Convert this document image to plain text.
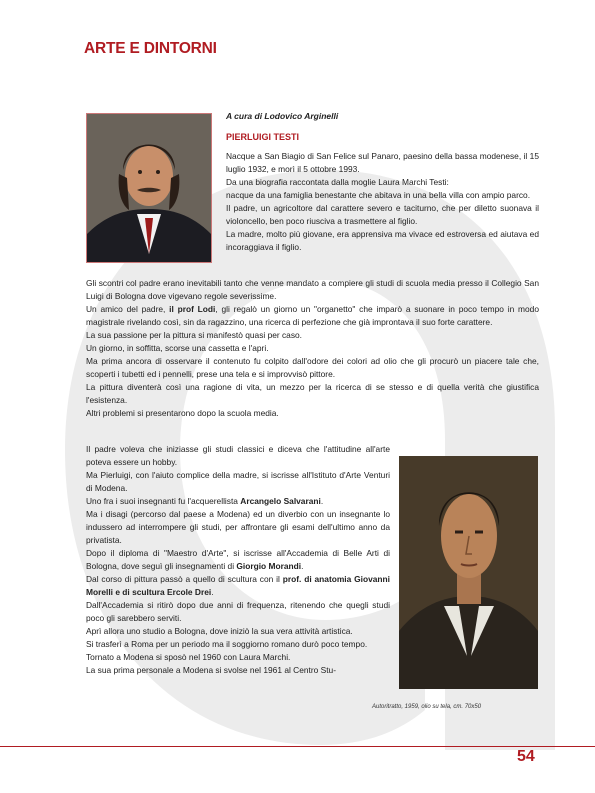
ARTE E DINTORNI
A cura di Lodovico Arginelli
PIERLUIGI TESTI

Nacque a San Biagio di San Felice sul Panaro, paesino della bassa modenese, il 15 luglio 1932, e morì il 5 ottobre 1993.

Da una biografia raccontata dalla moglie Laura Marchi Testi:

nacque da una famiglia benestante che abitava in una bella villa con ampio parco.

Il padre, un agricoltore dal carattere severo e taciturno, che per diletto suonava il violoncello, ben poco riusciva a trasmettere al figlio.

La madre, molto più giovane, era apprensiva ma vivace ed estroversa ed aiutava ed incoraggiava il figlio.

Gli scontri col padre erano inevitabili tanto che venne mandato a compiere gli studi di scuola media presso il Collegio San Luigi di Bologna dove vigevano regole severissime.

Un amico del padre, il prof Lodi, gli regalò un giorno un "organetto" che imparò a suonare in poco tempo in modo magistrale rivelando così, sin da ragazzino, una ricerca di perfezione che già improntava il suo forte carattere.

La sua passione per la pittura si manifestò quasi per caso.

Un giorno, in soffitta, scorse una cassetta e l'apri.

Ma prima ancora di osservare il contenuto fu colpito dall'odore dei colori ad olio che gli procurò un piacere tale che, scoperti i tubetti ed i pennelli, prese una tela e si improvvisò pittore.

La pittura diventerà così una ragione di vita, un mezzo per la ricerca di se stesso e di quella verità che giustifica l'esistenza.

Altri problemi si presentarono dopo la scuola media.

Il padre voleva che iniziasse gli studi classici e diceva che l'attitudine all'arte poteva essere un hobby.

Ma Pierluigi, con l'aiuto complice della madre, si iscrisse all'Istituto d'Arte Venturi di Modena.

Uno fra i suoi insegnanti fu l'acquerellista Arcangelo Salvarani.

Ma i disagi (percorso dal paese a Modena) ed un diverbio con un insegnante lo indussero ad interrompere gli studi, per affrontare gli esami dell'ultimo anno da privatista.

Dopo il diploma di "Maestro d'Arte", si iscrisse all'Accademia di Belle Arti di Bologna, dove seguì gli insegnamenti di Giorgio Morandi.

Dal corso di pittura passò a quello di scultura con il prof. di anatomia Giovanni Morelli e di scultura Ercole Drei.

Dall'Accademia si ritirò dopo due anni di frequenza, ritenendo che quegli studi poco gli sarebbero serviti.

Aprì allora uno studio a Bologna, dove iniziò la sua vera attività artistica.

Si trasferì a Roma per un periodo ma il soggiorno romano durò poco tempo.

Tornato a Modena si sposò nel 1960 con Laura Marchi.

La sua prima personale a Modena si svolse nel 1961 al Centro Stu-

Autoritratto, 1959, olio su tela, cm. 70x50
54
